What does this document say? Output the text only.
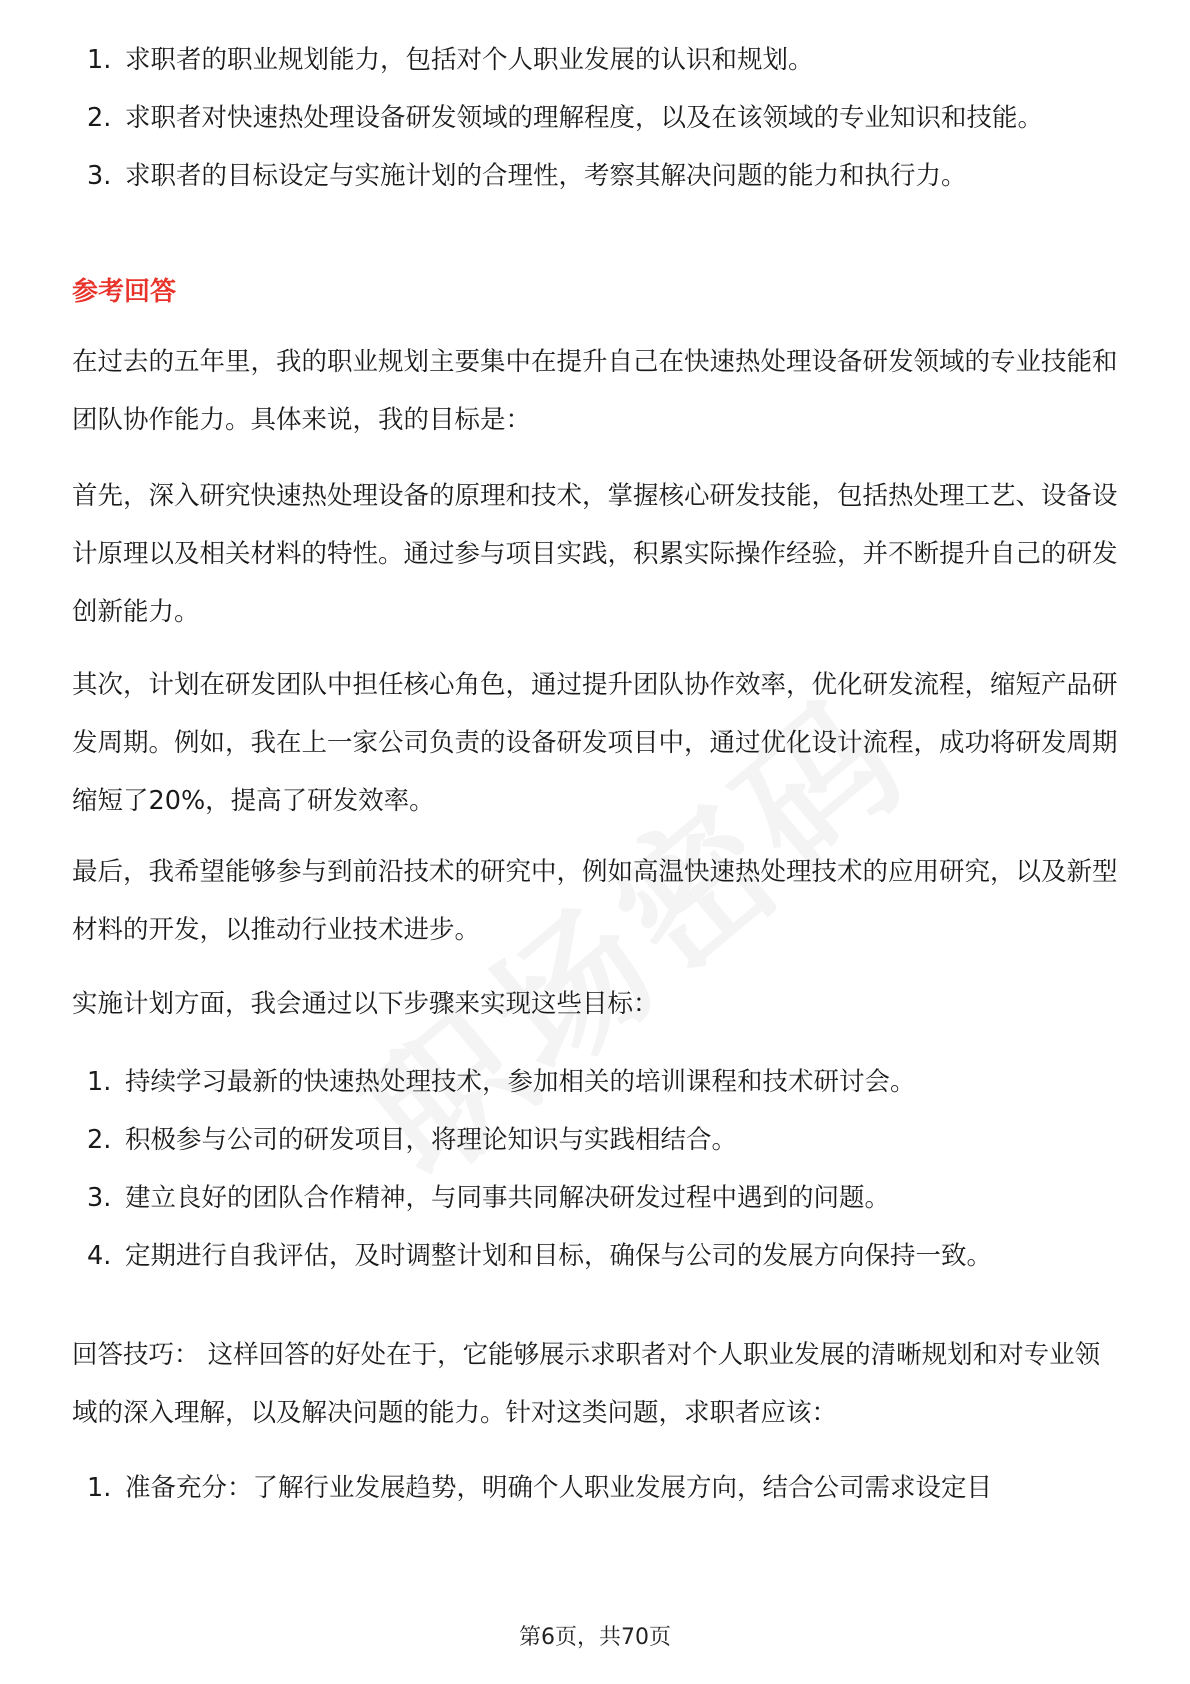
1. 求职者的职业规划能力，包括对个人职业发展的认识和规划。
2. 求职者对快速热处理设备研发领域的理解程度，以及在该领域的专业知识和技能。
3. 求职者的目标设定与实施计划的合理性，考察其解决问题的能力和执行力。
参考回答

在过去的五年里，我的职业规划主要集中在提升自己在快速热处理设备研发领域的专业技能和团队协作能力。具体来说，我的目标是：

首先，深入研究快速热处理设备的原理和技术，掌握核心研发技能，包括热处理工艺、设备设计原理以及相关材料的特性。通过参与项目实践，积累实际操作经验，并不断提升自己的研发创新能力。

其次，计划在研发团队中担任核心角色，通过提升团队协作效率，优化研发流程，缩短产品研发周期。例如，我在上一家公司负责的设备研发项目中，通过优化设计流程，成功将研发周期缩短了20%，提高了研发效率。

最后，我希望能够参与到前沿技术的研究中，例如高温快速热处理技术的应用研究，以及新型材料的开发，以推动行业技术进步。

实施计划方面，我会通过以下步骤来实现这些目标：

1. 持续学习最新的快速热处理技术，参加相关的培训课程和技术研讨会。
2. 积极参与公司的研发项目，将理论知识与实践相结合。
3. 建立良好的团队合作精神，与同事共同解决研发过程中遇到的问题。
4. 定期进行自我评估，及时调整计划和目标，确保与公司的发展方向保持一致。

回答技巧： 这样回答的好处在于，它能够展示求职者对个人职业发展的清晰规划和对专业领域的深入理解，以及解决问题的能力。针对这类问题，求职者应该：

1. 准备充分：了解行业发展趋势，明确个人职业发展方向，结合公司需求设定目
第6页，共70页
